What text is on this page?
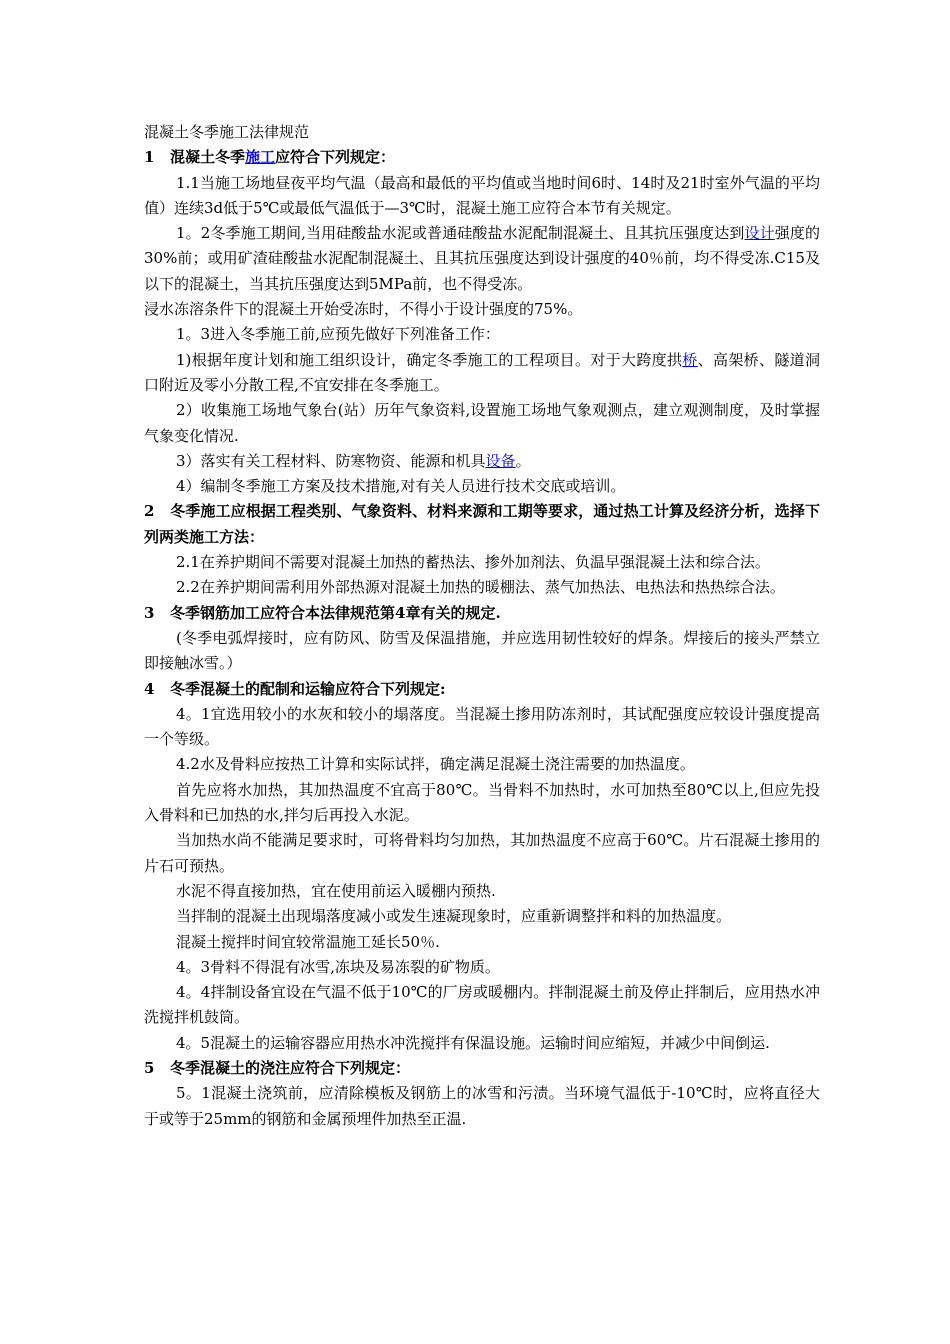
混凝土冬季施工法律规范

1 混凝土冬季施工应符合下列规定：

1.1当施工场地昼夜平均气温（最高和最低的平均值或当地时间6时、14时及21时室外气温的平均值）连续3d低于5℃或最低气温低于—3℃时，混凝土施工应符合本节有关规定。

1。2冬季施工期间,当用硅酸盐水泥或普通硅酸盐水泥配制混凝土、且其抗压强度达到设计强度的30%前；或用矿渣硅酸盐水泥配制混凝土、且其抗压强度达到设计强度的40％前，均不得受冻.C15及以下的混凝土，当其抗压强度达到5MPa前，也不得受冻。

浸水冻溶条件下的混凝土开始受冻时，不得小于设计强度的75%。

1。3进入冬季施工前,应预先做好下列准备工作：

1)根据年度计划和施工组织设计，确定冬季施工的工程项目。对于大跨度拱桥、高架桥、隧道洞口附近及零小分散工程,不宜安排在冬季施工。

2）收集施工场地气象台(站）历年气象资料,设置施工场地气象观测点，建立观测制度，及时掌握气象变化情况.

3）落实有关工程材料、防寒物资、能源和机具设备。

4）编制冬季施工方案及技术措施,对有关人员进行技术交底或培训。

2 冬季施工应根据工程类别、气象资料、材料来源和工期等要求，通过热工计算及经济分析，选择下列两类施工方法：

2.1在养护期间不需要对混凝土加热的蓄热法、掺外加剂法、负温早强混凝土法和综合法。

2.2在养护期间需利用外部热源对混凝土加热的暖棚法、蒸气加热法、电热法和热热综合法。

3 冬季钢筋加工应符合本法律规范第4章有关的规定.

(冬季电弧焊接时，应有防风、防雪及保温措施，并应选用韧性较好的焊条。焊接后的接头严禁立即接触冰雪。）

4 冬季混凝土的配制和运输应符合下列规定:

4。1宜选用较小的水灰和较小的塌落度。当混凝土掺用防冻剂时，其试配强度应较设计强度提高一个等级。

4.2水及骨料应按热工计算和实际试拌，确定满足混凝土浇注需要的加热温度。

首先应将水加热，其加热温度不宜高于80℃。当骨料不加热时，水可加热至80℃以上,但应先投入骨料和已加热的水,拌匀后再投入水泥。

当加热水尚不能满足要求时，可将骨料均匀加热，其加热温度不应高于60℃。片石混凝土掺用的片石可预热。

水泥不得直接加热，宜在使用前运入暖棚内预热.

当拌制的混凝土出现塌落度减小或发生速凝现象时，应重新调整拌和料的加热温度。

混凝土搅拌时间宜较常温施工延长50％.

4。3骨料不得混有冰雪,冻块及易冻裂的矿物质。

4。4拌制设备宜设在气温不低于10℃的厂房或暖棚内。拌制混凝土前及停止拌制后，应用热水冲洗搅拌机鼓筒。

4。5混凝土的运输容器应用热水冲洗搅拌有保温设施。运输时间应缩短，并减少中间倒运.

5 冬季混凝土的浇注应符合下列规定：

5。1混凝土浇筑前，应清除模板及钢筋上的冰雪和污渍。当环境气温低于-10℃时，应将直径大于或等于25mm的钢筋和金属预埋件加热至正温.
